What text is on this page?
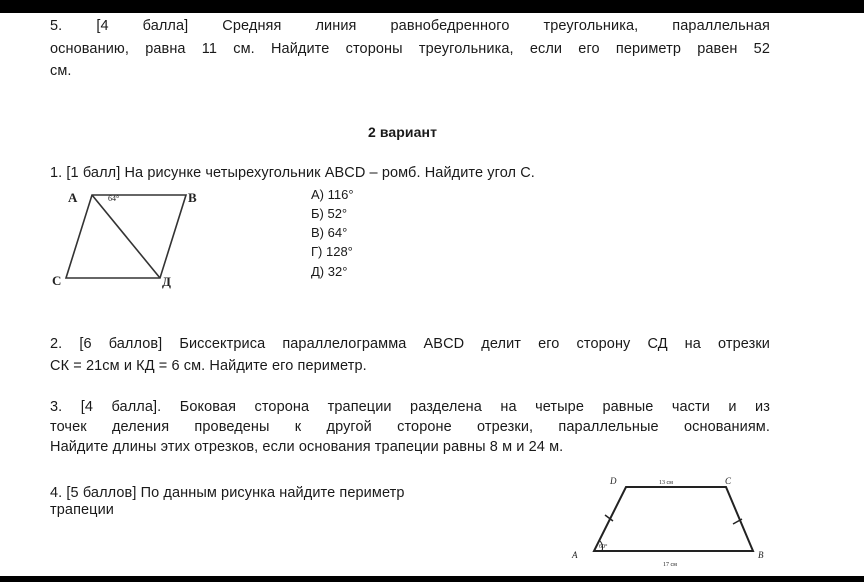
5. [4 балла] Средняя линия равнобедренного треугольника, параллельная
основанию, равна 11 см. Найдите стороны треугольника, если его периметр равен 52
см.
2 вариант
1. [1 балл] На рисунке четырехугольник ABCD – ромб. Найдите угол С.
А	В
С	Д
64°	А) 116°
Б) 52°
В) 64°
Г) 128°
Д) 32°
2. [6 баллов] Биссектриса параллелограмма ABCD делит его сторону СД на отрезки
СК = 21см и КД = 6 см. Найдите его периметр.
3. [4 балла]. Боковая сторона трапеции разделена на четыре равные части и из
точек деления проведены к другой стороне отрезки, параллельные основаниям.
Найдите длины этих отрезков, если основания трапеции равны 8 м и 24 м.
4. [5 баллов] По данным рисунка найдите периметр
трапеции
D	C
A	B
13 см
17 см
60°
